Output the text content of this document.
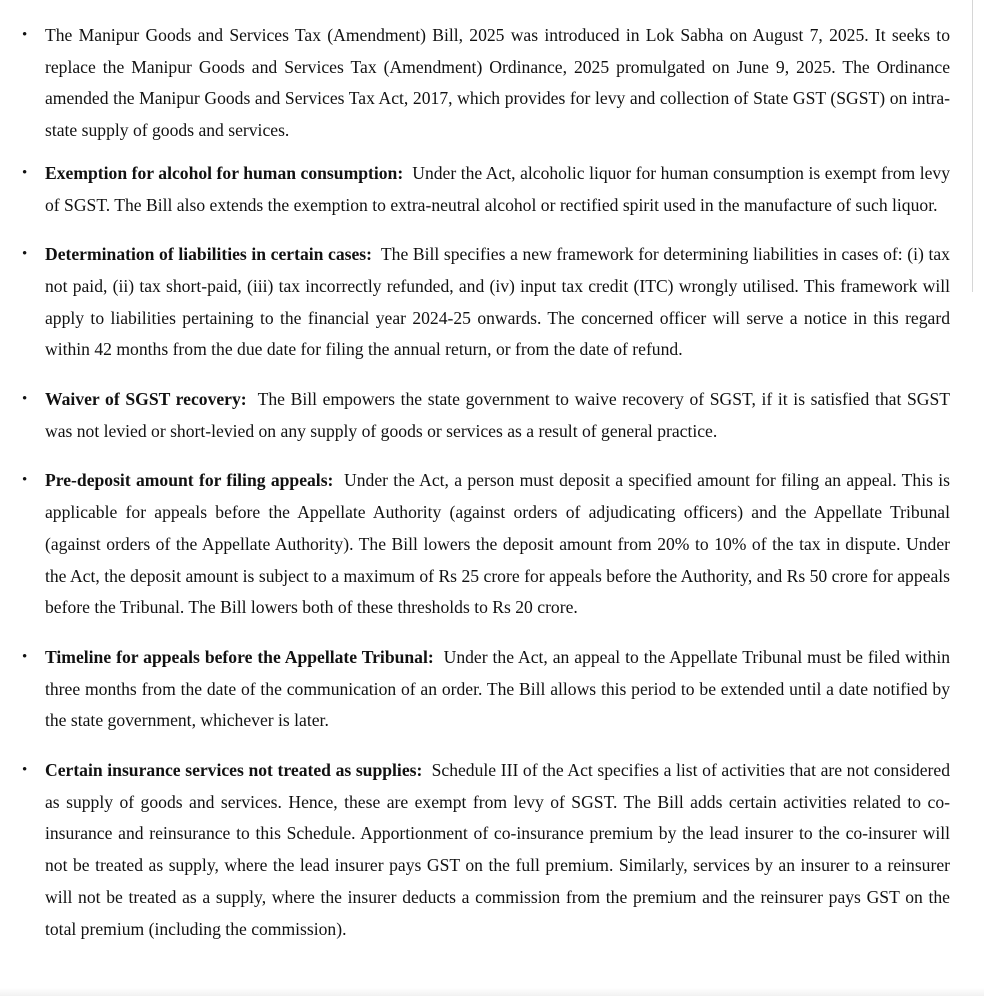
• The Manipur Goods and Services Tax (Amendment) Bill, 2025 was introduced in Lok Sabha on August 7, 2025. It seeks to replace the Manipur Goods and Services Tax (Amendment) Ordinance, 2025 promulgated on June 9, 2025. The Ordinance amended the Manipur Goods and Services Tax Act, 2017, which provides for levy and collection of State GST (SGST) on intra-state supply of goods and services.
• Exemption for alcohol for human consumption: Under the Act, alcoholic liquor for human consumption is exempt from levy of SGST. The Bill also extends the exemption to extra-neutral alcohol or rectified spirit used in the manufacture of such liquor.
• Determination of liabilities in certain cases: The Bill specifies a new framework for determining liabilities in cases of: (i) tax not paid, (ii) tax short-paid, (iii) tax incorrectly refunded, and (iv) input tax credit (ITC) wrongly utilised. This framework will apply to liabilities pertaining to the financial year 2024-25 onwards. The concerned officer will serve a notice in this regard within 42 months from the due date for filing the annual return, or from the date of refund.
• Waiver of SGST recovery: The Bill empowers the state government to waive recovery of SGST, if it is satisfied that SGST was not levied or short-levied on any supply of goods or services as a result of general practice.
• Pre-deposit amount for filing appeals: Under the Act, a person must deposit a specified amount for filing an appeal. This is applicable for appeals before the Appellate Authority (against orders of adjudicating officers) and the Appellate Tribunal (against orders of the Appellate Authority). The Bill lowers the deposit amount from 20% to 10% of the tax in dispute. Under the Act, the deposit amount is subject to a maximum of Rs 25 crore for appeals before the Authority, and Rs 50 crore for appeals before the Tribunal. The Bill lowers both of these thresholds to Rs 20 crore.
• Timeline for appeals before the Appellate Tribunal: Under the Act, an appeal to the Appellate Tribunal must be filed within three months from the date of the communication of an order. The Bill allows this period to be extended until a date notified by the state government, whichever is later.
• Certain insurance services not treated as supplies: Schedule III of the Act specifies a list of activities that are not considered as supply of goods and services. Hence, these are exempt from levy of SGST. The Bill adds certain activities related to co-insurance and reinsurance to this Schedule. Apportionment of co-insurance premium by the lead insurer to the co-insurer will not be treated as supply, where the lead insurer pays GST on the full premium. Similarly, services by an insurer to a reinsurer will not be treated as a supply, where the insurer deducts a commission from the premium and the reinsurer pays GST on the total premium (including the commission).
